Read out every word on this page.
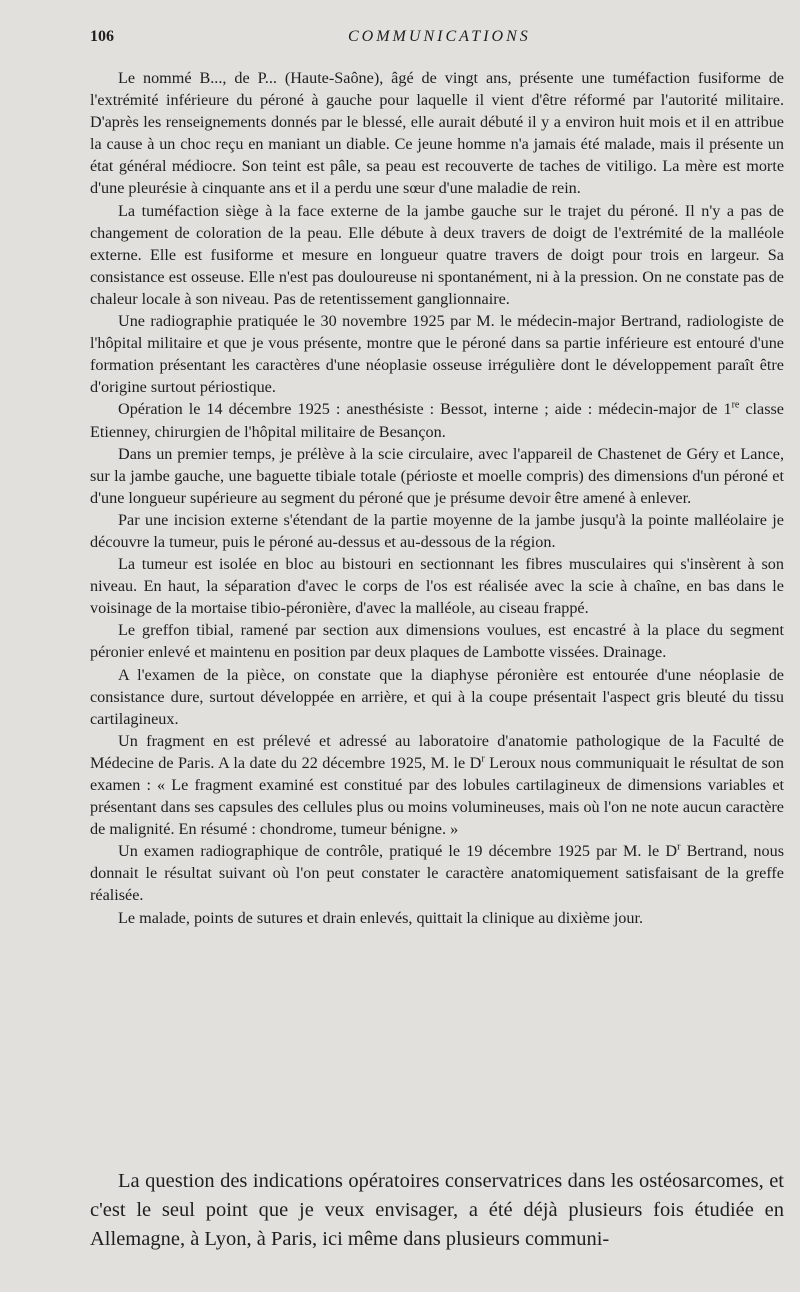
106	COMMUNICATIONS

Le nommé B..., de P... (Haute-Saône), âgé de vingt ans, présente une tuméfaction fusiforme de l'extrémité inférieure du péroné à gauche pour laquelle il vient d'être réformé par l'autorité militaire. D'après les renseignements donnés par le blessé, elle aurait débuté il y a environ huit mois et il en attribue la cause à un choc reçu en maniant un diable. Ce jeune homme n'a jamais été malade, mais il présente un état général médiocre. Son teint est pâle, sa peau est recouverte de taches de vitiligo. La mère est morte d'une pleurésie à cinquante ans et il a perdu une sœur d'une maladie de rein.

La tuméfaction siège à la face externe de la jambe gauche sur le trajet du péroné. Il n'y a pas de changement de coloration de la peau. Elle débute à deux travers de doigt de l'extrémité de la malléole externe. Elle est fusiforme et mesure en longueur quatre travers de doigt pour trois en largeur. Sa consistance est osseuse. Elle n'est pas douloureuse ni spontanément, ni à la pression. On ne constate pas de chaleur locale à son niveau. Pas de retentissement ganglionnaire.

Une radiographie pratiquée le 30 novembre 1925 par M. le médecin-major Bertrand, radiologiste de l'hôpital militaire et que je vous présente, montre que le péroné dans sa partie inférieure est entouré d'une formation présentant les caractères d'une néoplasie osseuse irrégulière dont le développement paraît être d'origine surtout périostique.

Opération le 14 décembre 1925 : anesthésiste : Bessot, interne ; aide : médecin-major de 1re classe Etienney, chirurgien de l'hôpital militaire de Besançon.

Dans un premier temps, je prélève à la scie circulaire, avec l'appareil de Chastenet de Géry et Lance, sur la jambe gauche, une baguette tibiale totale (périoste et moelle compris) des dimensions d'un péroné et d'une longueur supérieure au segment du péroné que je présume devoir être amené à enlever.

Par une incision externe s'étendant de la partie moyenne de la jambe jusqu'à la pointe malléolaire je découvre la tumeur, puis le péroné au-dessus et au-dessous de la région.

La tumeur est isolée en bloc au bistouri en sectionnant les fibres musculaires qui s'insèrent à son niveau. En haut, la séparation d'avec le corps de l'os est réalisée avec la scie à chaîne, en bas dans le voisinage de la mortaise tibio-péronière, d'avec la malléole, au ciseau frappé.

Le greffon tibial, ramené par section aux dimensions voulues, est encastré à la place du segment péronier enlevé et maintenu en position par deux plaques de Lambotte vissées. Drainage.

A l'examen de la pièce, on constate que la diaphyse péronière est entourée d'une néoplasie de consistance dure, surtout développée en arrière, et qui à la coupe présentait l'aspect gris bleuté du tissu cartilagineux.

Un fragment en est prélevé et adressé au laboratoire d'anatomie pathologique de la Faculté de Médecine de Paris. A la date du 22 décembre 1925, M. le $D^r$ Leroux nous communiquait le résultat de son examen : « Le fragment examiné est constitué par des lobules cartilagineux de dimensions variables et présentant dans ses capsules des cellules plus ou moins volumineuses, mais où l'on ne note aucun caractère de malignité. En résumé : chondrome, tumeur bénigne. »

Un examen radiographique de contrôle, pratiqué le 19 décembre 1925 par M. le $D^r$ Bertrand, nous donnait le résultat suivant où l'on peut constater le caractère anatomiquement satisfaisant de la greffe réalisée.

Le malade, points de sutures et drain enlevés, quittait la clinique au dixième jour.

La question des indications opératoires conservatrices dans les ostéosarcomes, et c'est le seul point que je veux envisager, a été déjà plusieurs fois étudiée en Allemagne, à Lyon, à Paris, ici même dans plusieurs communi-
